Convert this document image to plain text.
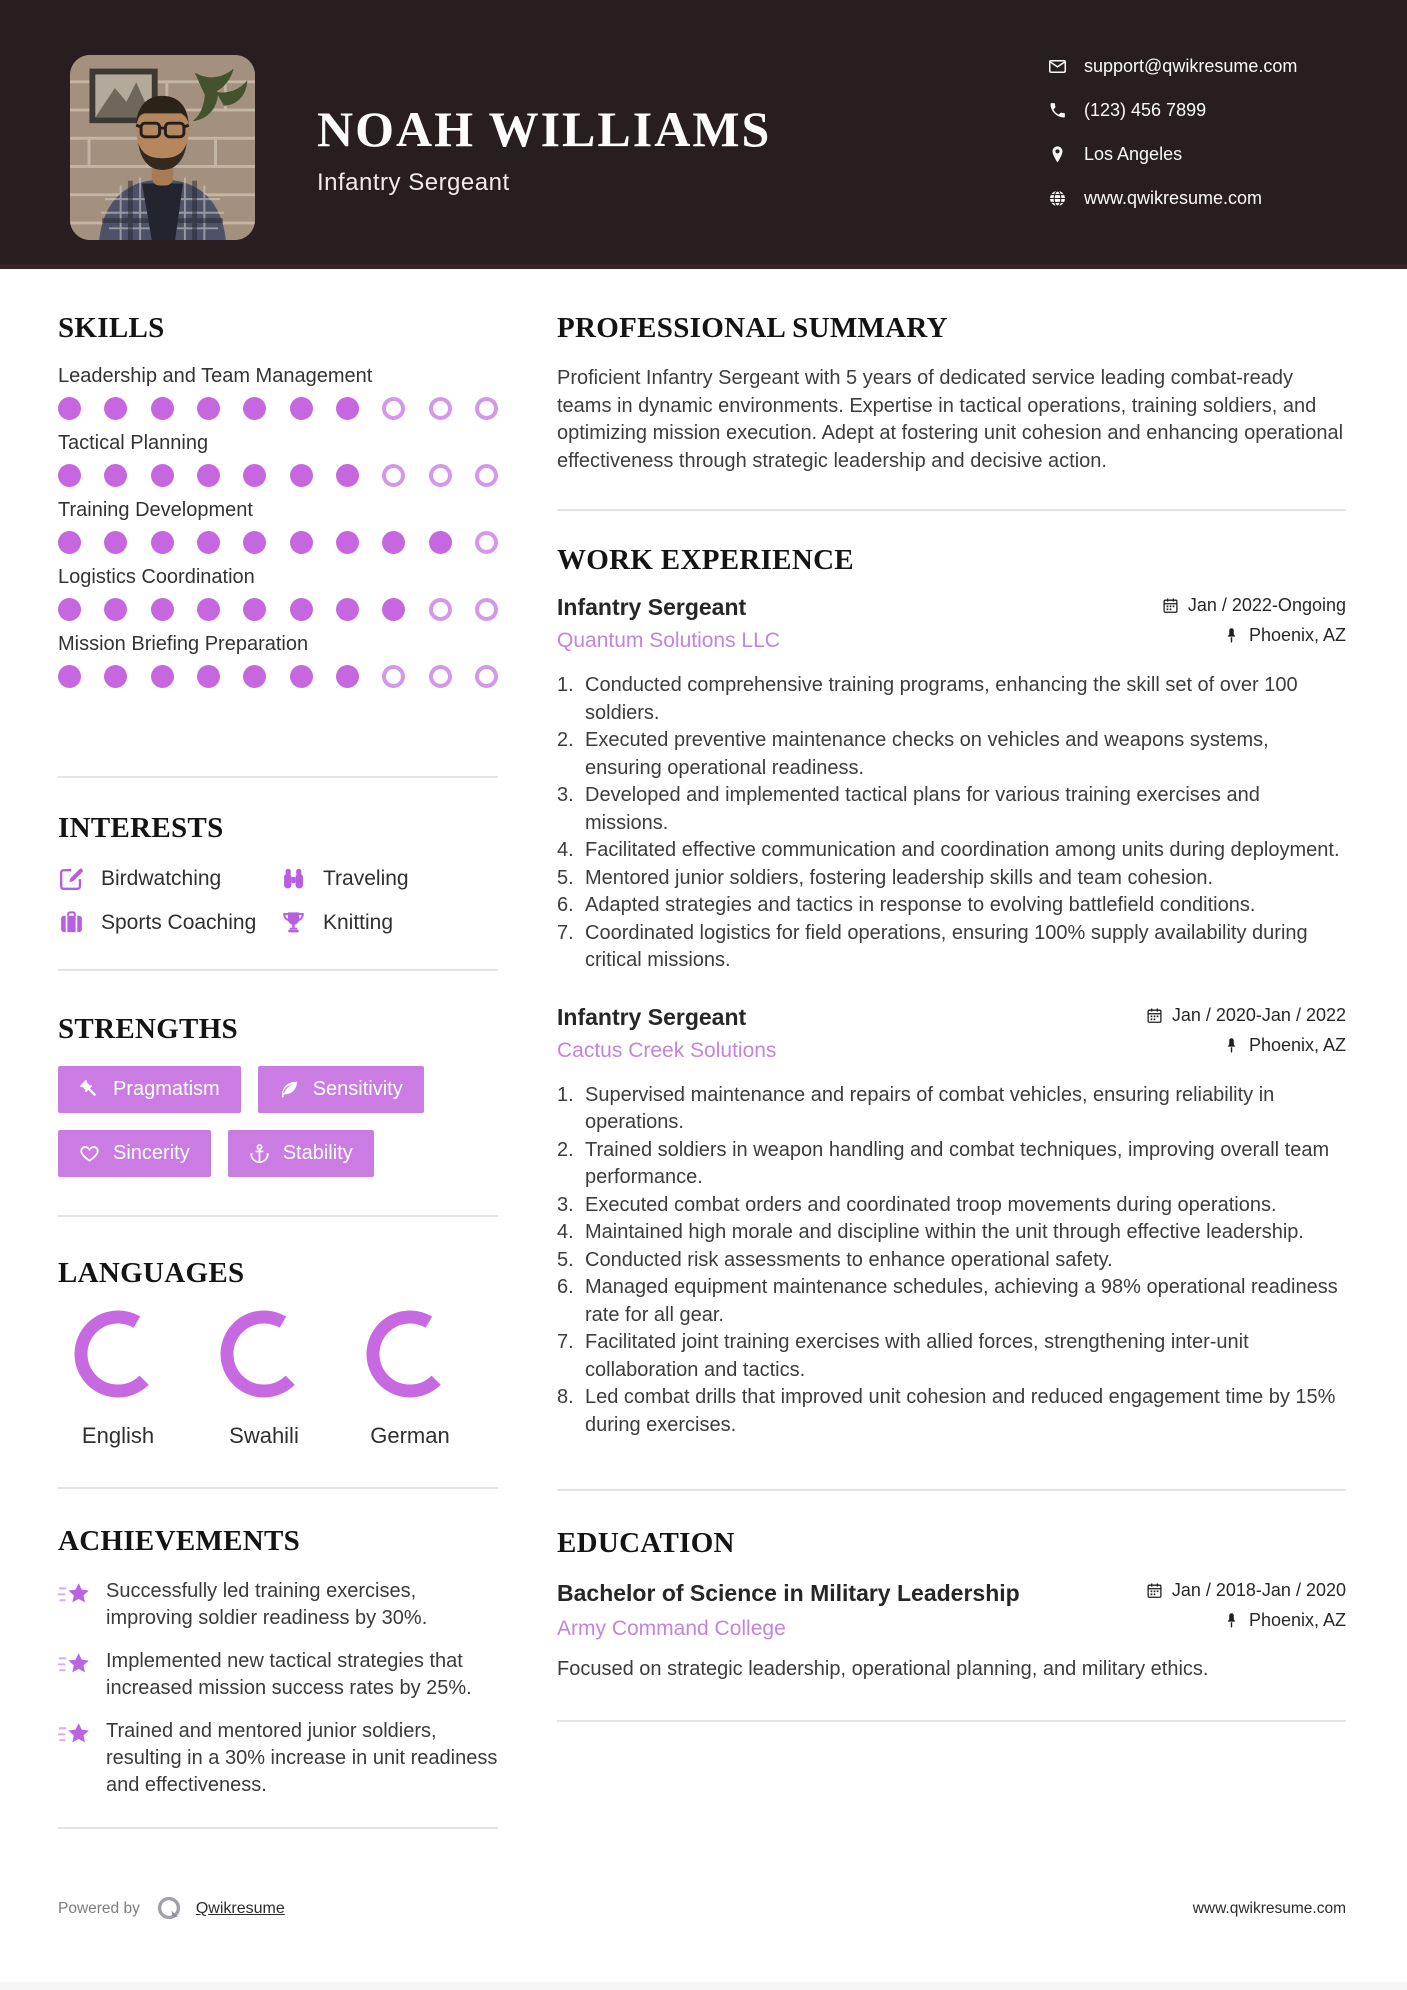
NOAH WILLIAMS
Infantry Sergeant
support@qwikresume.com
(123) 456 7899
Los Angeles
www.qwikresume.com
SKILLS
Leadership and Team Management
Tactical Planning
Training Development
Logistics Coordination
Mission Briefing Preparation
INTERESTS
Birdwatching	Traveling
Sports Coaching	Knitting
STRENGTHS
Pragmatism	Sensitivity
Sincerity	Stability
LANGUAGES
English	Swahili	German
ACHIEVEMENTS
Successfully led training exercises, improving soldier readiness by 30%.
Implemented new tactical strategies that increased mission success rates by 25%.
Trained and mentored junior soldiers, resulting in a 30% increase in unit readiness and effectiveness.
PROFESSIONAL SUMMARY

Proficient Infantry Sergeant with 5 years of dedicated service leading combat-ready teams in dynamic environments. Expertise in tactical operations, training soldiers, and optimizing mission execution. Adept at fostering unit cohesion and enhancing operational effectiveness through strategic leadership and decisive action.

WORK EXPERIENCE
Infantry Sergeant
Quantum Solutions LLC
Jan / 2022-Ongoing
Phoenix, AZ
Conducted comprehensive training programs, enhancing the skill set of over 100 soldiers.
Executed preventive maintenance checks on vehicles and weapons systems, ensuring operational readiness.
Developed and implemented tactical plans for various training exercises and missions.
Facilitated effective communication and coordination among units during deployment.
Mentored junior soldiers, fostering leadership skills and team cohesion.
Adapted strategies and tactics in response to evolving battlefield conditions.
Coordinated logistics for field operations, ensuring 100% supply availability during critical missions.
Infantry Sergeant
Cactus Creek Solutions
Jan / 2020-Jan / 2022
Phoenix, AZ
Supervised maintenance and repairs of combat vehicles, ensuring reliability in operations.
Trained soldiers in weapon handling and combat techniques, improving overall team performance.
Executed combat orders and coordinated troop movements during operations.
Maintained high morale and discipline within the unit through effective leadership.
Conducted risk assessments to enhance operational safety.
Managed equipment maintenance schedules, achieving a 98% operational readiness rate for all gear.
Facilitated joint training exercises with allied forces, strengthening inter-unit collaboration and tactics.
Led combat drills that improved unit cohesion and reduced engagement time by 15% during exercises.
EDUCATION
Bachelor of Science in Military Leadership
Army Command College
Jan / 2018-Jan / 2020
Phoenix, AZ

Focused on strategic leadership, operational planning, and military ethics.

Powered by	Qwikresume	www.qwikresume.com
